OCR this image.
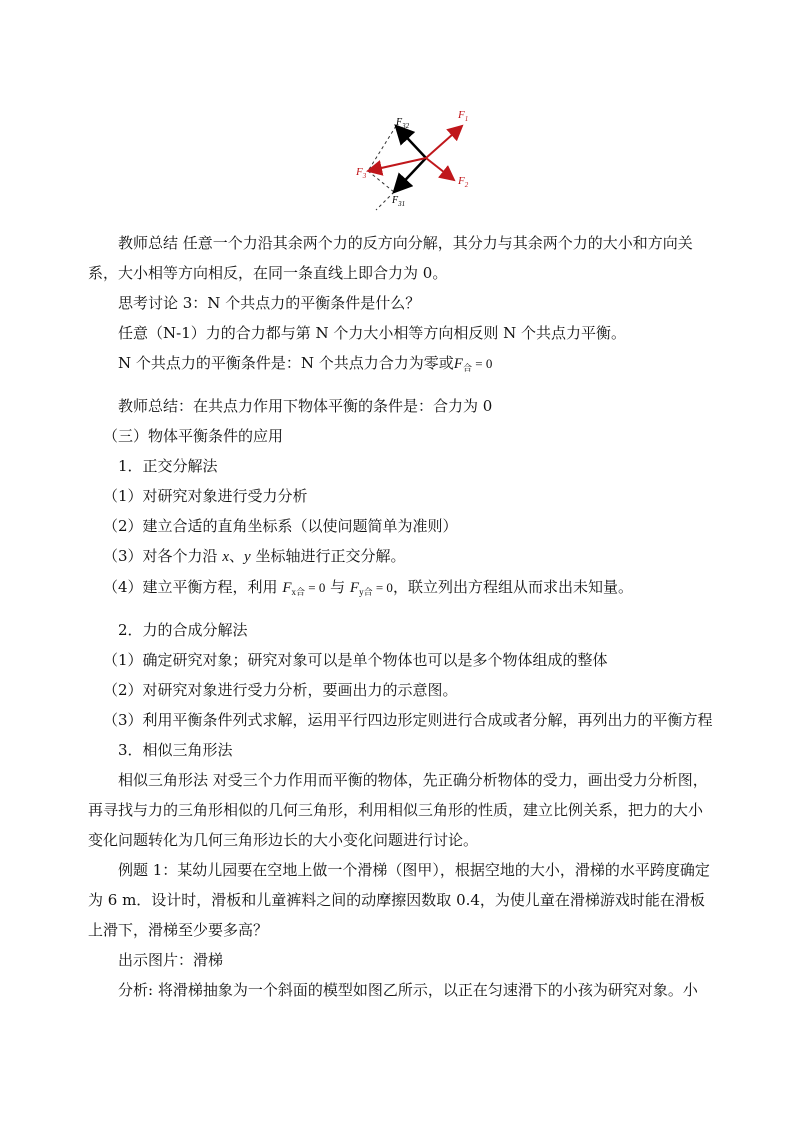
$F_1$
$F_2$
$F_3$
$F_{32}$
$F_{31}$

教师总结 任意一个力沿其余两个力的反方向分解，其分力与其余两个力的大小和方向关系，大小相等方向相反，在同一条直线上即合力为 0。

思考讨论 3：N 个共点力的平衡条件是什么？

任意（N-1）力的合力都与第 N 个力大小相等方向相反则 N 个共点力平衡。

N 个共点力的平衡条件是：N 个共点力合力为零或$F_合 = 0$

教师总结：在共点力作用下物体平衡的条件是：合力为 0

（三）物体平衡条件的应用

1．正交分解法

（1）对研究对象进行受力分析

（2）建立合适的直角坐标系（以使问题简单为准则）

（3）对各个力沿 x、y 坐标轴进行正交分解。

（4）建立平衡方程，利用 $F_{x合} = 0$ 与 $F_{y合} = 0$，联立列出方程组从而求出未知量。

2．力的合成分解法

（1）确定研究对象；研究对象可以是单个物体也可以是多个物体组成的整体

（2）对研究对象进行受力分析，要画出力的示意图。

（3）利用平衡条件列式求解，运用平行四边形定则进行合成或者分解，再列出力的平衡方程

3．相似三角形法

相似三角形法 对受三个力作用而平衡的物体，先正确分析物体的受力，画出受力分析图，再寻找与力的三角形相似的几何三角形，利用相似三角形的性质，建立比例关系，把力的大小变化问题转化为几何三角形边长的大小变化问题进行讨论。

例题 1：某幼儿园要在空地上做一个滑梯（图甲），根据空地的大小，滑梯的水平跨度确定为 6 m．设计时，滑板和儿童裤料之间的动摩擦因数取 0.4，为使儿童在滑梯游戏时能在滑板上滑下，滑梯至少要多高？

出示图片：滑梯

分析: 将滑梯抽象为一个斜面的模型如图乙所示，以正在匀速滑下的小孩为研究对象。小
